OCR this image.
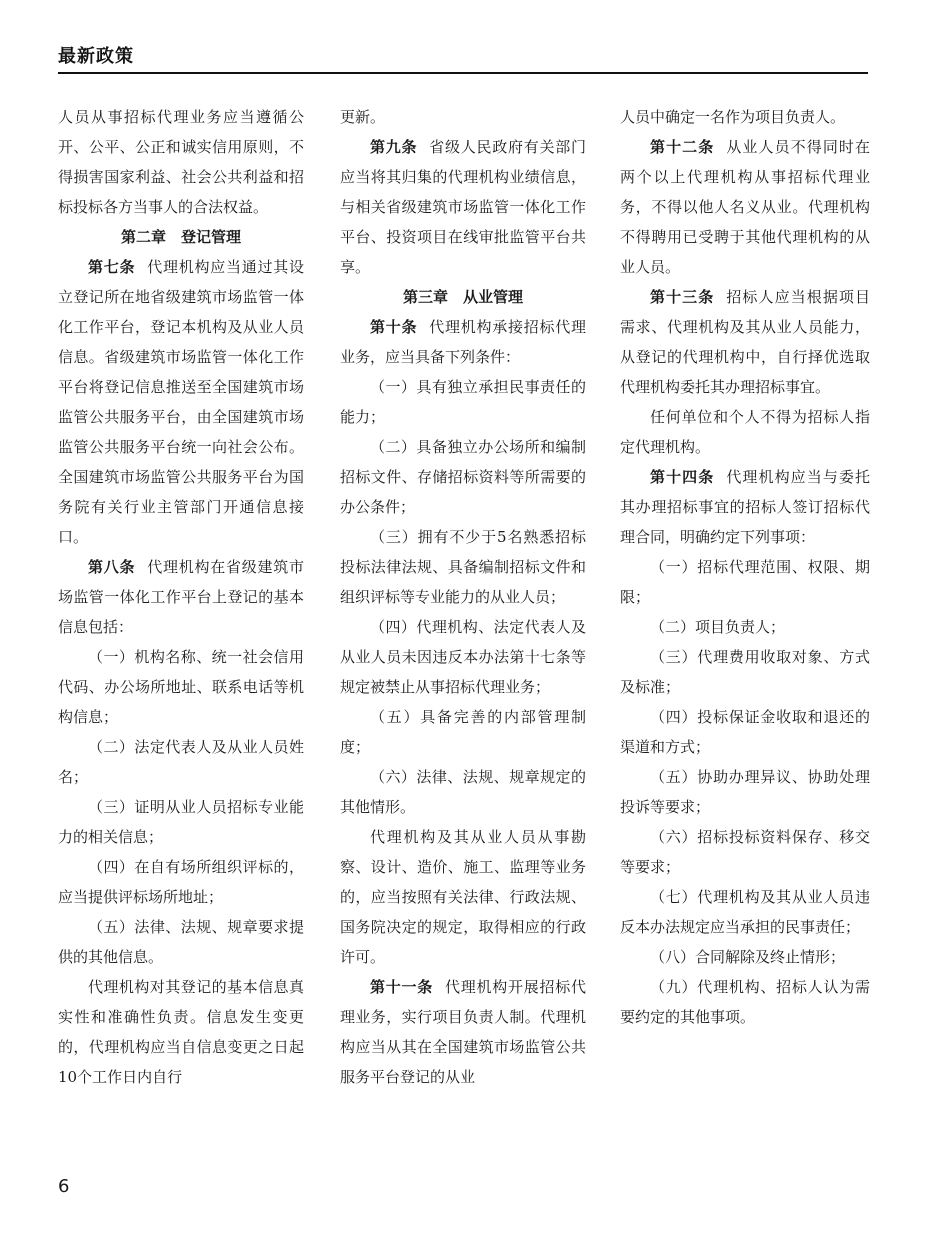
最新政策

人员从事招标代理业务应当遵循公开、公平、公正和诚实信用原则，不得损害国家利益、社会公共利益和招标投标各方当事人的合法权益。

第二章　登记管理

第七条 代理机构应当通过其设立登记所在地省级建筑市场监管一体化工作平台，登记本机构及从业人员信息。省级建筑市场监管一体化工作平台将登记信息推送至全国建筑市场监管公共服务平台，由全国建筑市场监管公共服务平台统一向社会公布。全国建筑市场监管公共服务平台为国务院有关行业主管部门开通信息接口。

第八条 代理机构在省级建筑市场监管一体化工作平台上登记的基本信息包括：

（一）机构名称、统一社会信用代码、办公场所地址、联系电话等机构信息；

（二）法定代表人及从业人员姓名；

（三）证明从业人员招标专业能力的相关信息；

（四）在自有场所组织评标的，应当提供评标场所地址；

（五）法律、法规、规章要求提供的其他信息。

代理机构对其登记的基本信息真实性和准确性负责。信息发生变更的，代理机构应当自信息变更之日起10个工作日内自行

更新。

第九条 省级人民政府有关部门应当将其归集的代理机构业绩信息，与相关省级建筑市场监管一体化工作平台、投资项目在线审批监管平台共享。

第三章　从业管理

第十条 代理机构承接招标代理业务，应当具备下列条件：

（一）具有独立承担民事责任的能力；

（二）具备独立办公场所和编制招标文件、存储招标资料等所需要的办公条件；

（三）拥有不少于5名熟悉招标投标法律法规、具备编制招标文件和组织评标等专业能力的从业人员；

（四）代理机构、法定代表人及从业人员未因违反本办法第十七条等规定被禁止从事招标代理业务；

（五）具备完善的内部管理制度；

（六）法律、法规、规章规定的其他情形。

代理机构及其从业人员从事勘察、设计、造价、施工、监理等业务的，应当按照有关法律、行政法规、国务院决定的规定，取得相应的行政许可。

第十一条 代理机构开展招标代理业务，实行项目负责人制。代理机构应当从其在全国建筑市场监管公共服务平台登记的从业

人员中确定一名作为项目负责人。

第十二条 从业人员不得同时在两个以上代理机构从事招标代理业务，不得以他人名义从业。代理机构不得聘用已受聘于其他代理机构的从业人员。

第十三条 招标人应当根据项目需求、代理机构及其从业人员能力，从登记的代理机构中，自行择优选取代理机构委托其办理招标事宜。

任何单位和个人不得为招标人指定代理机构。

第十四条 代理机构应当与委托其办理招标事宜的招标人签订招标代理合同，明确约定下列事项：

（一）招标代理范围、权限、期限；

（二）项目负责人；

（三）代理费用收取对象、方式及标准；

（四）投标保证金收取和退还的渠道和方式；

（五）协助办理异议、协助处理投诉等要求；

（六）招标投标资料保存、移交等要求；

（七）代理机构及其从业人员违反本办法规定应当承担的民事责任；

（八）合同解除及终止情形；

（九）代理机构、招标人认为需要约定的其他事项。

6
